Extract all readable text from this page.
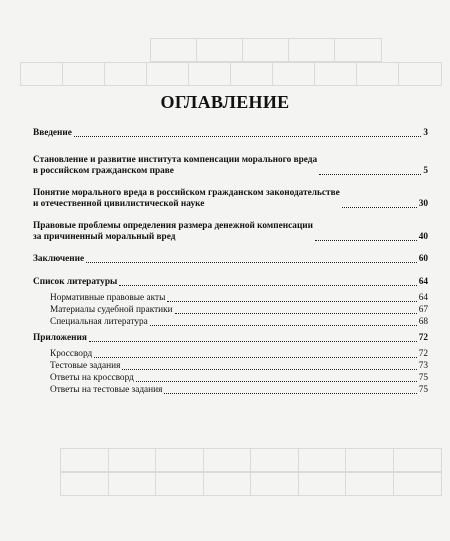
ОГЛАВЛЕНИЕ
Введение	3
Становление и развитие института компенсации морального вреда
в российском гражданском праве	5
Понятие морального вреда в российском гражданском законодательстве
и отечественной цивилистической науке	30
Правовые проблемы определения размера денежной компенсации
за причиненный моральный вред	40
Заключение	60
Список литературы	64
Нормативные правовые акты	64
Материалы судебной практики	67
Специальная литература	68
Приложения	72
Кроссворд	72
Тестовые задания	73
Ответы на кроссворд	75
Ответы на тестовые задания	75
